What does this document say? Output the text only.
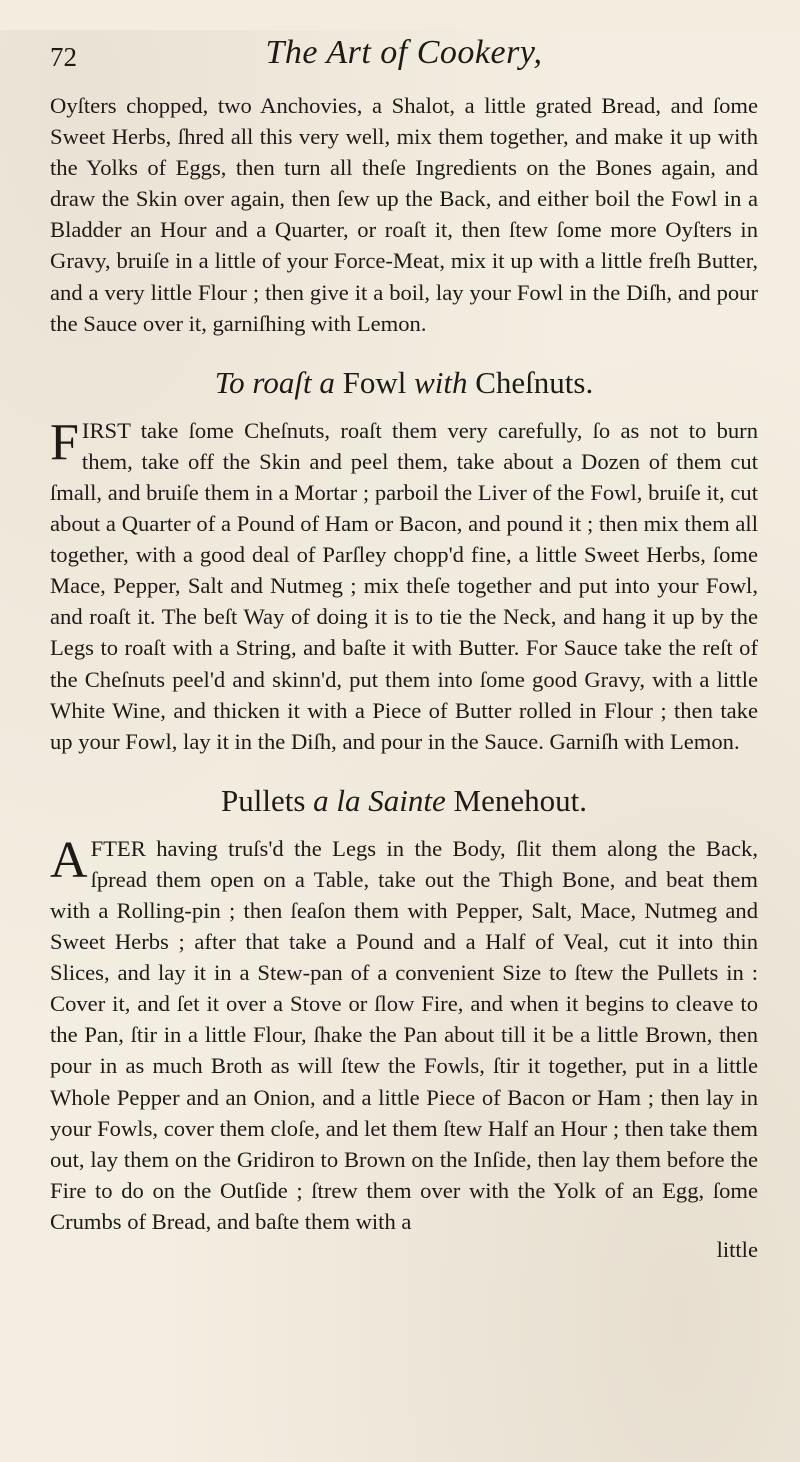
72	The Art of Cookery,

Oyſters chopped, two Anchovies, a Shalot, a little grated Bread, and ſome Sweet Herbs, ſhred all this very well, mix them together, and make it up with the Yolks of Eggs, then turn all theſe Ingredients on the Bones again, and draw the Skin over again, then ſew up the Back, and either boil the Fowl in a Bladder an Hour and a Quarter, or roaſt it, then ſtew ſome more Oyſters in Gravy, bruiſe in a little of your Force-Meat, mix it up with a little freſh Butter, and a very little Flour ; then give it a boil, lay your Fowl in the Diſh, and pour the Sauce over it, garniſhing with Lemon.

To roaſt a Fowl with Cheſnuts.

FIRST take ſome Cheſnuts, roaſt them very carefully, ſo as not to burn them, take off the Skin and peel them, take about a Dozen of them cut ſmall, and bruiſe them in a Mortar ; parboil the Liver of the Fowl, bruiſe it, cut about a Quarter of a Pound of Ham or Bacon, and pound it ; then mix them all together, with a good deal of Parſley chopp'd fine, a little Sweet Herbs, ſome Mace, Pepper, Salt and Nutmeg ; mix theſe together and put into your Fowl, and roaſt it. The beſt Way of doing it is to tie the Neck, and hang it up by the Legs to roaſt with a String, and baſte it with Butter. For Sauce take the reſt of the Cheſnuts peel'd and skinn'd, put them into ſome good Gravy, with a little White Wine, and thicken it with a Piece of Butter rolled in Flour ; then take up your Fowl, lay it in the Diſh, and pour in the Sauce. Garniſh with Lemon.

Pullets a la Sainte Menehout.

AFTER having truſs'd the Legs in the Body, ſlit them along the Back, ſpread them open on a Table, take out the Thigh Bone, and beat them with a Rolling-pin ; then ſeaſon them with Pepper, Salt, Mace, Nutmeg and Sweet Herbs ; after that take a Pound and a Half of Veal, cut it into thin Slices, and lay it in a Stew-pan of a convenient Size to ſtew the Pullets in : Cover it, and ſet it over a Stove or ſlow Fire, and when it begins to cleave to the Pan, ſtir in a little Flour, ſhake the Pan about till it be a little Brown, then pour in as much Broth as will ſtew the Fowls, ſtir it together, put in a little Whole Pepper and an Onion, and a little Piece of Bacon or Ham ; then lay in your Fowls, cover them cloſe, and let them ſtew Half an Hour ; then take them out, lay them on the Gridiron to Brown on the Inſide, then lay them before the Fire to do on the Outſide ; ſtrew them over with the Yolk of an Egg, ſome Crumbs of Bread, and baſte them with a

little
